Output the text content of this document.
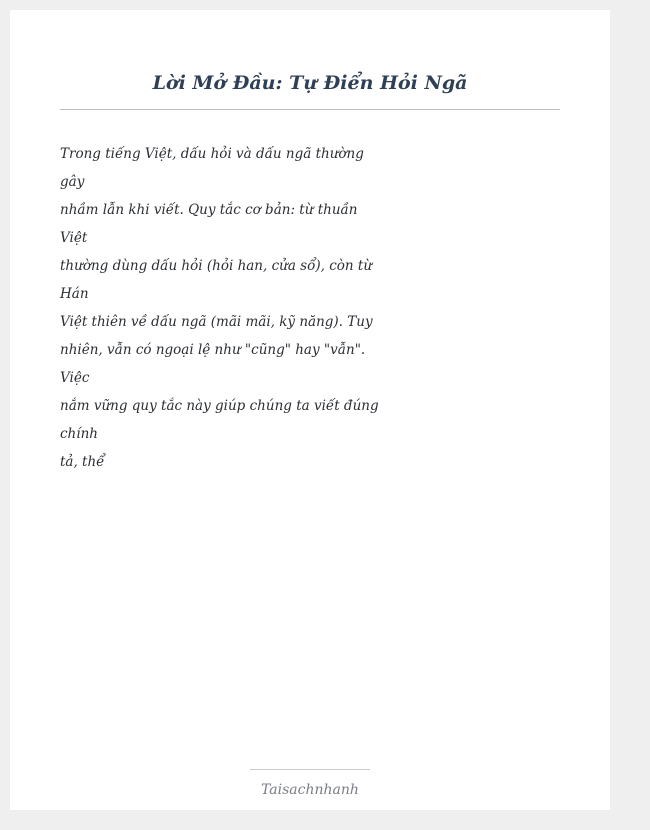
Lời Mở Đầu: Tự Điển Hỏi Ngã
Trong tiếng Việt, dấu hỏi và dấu ngã thường
gây
nhầm lẫn khi viết. Quy tắc cơ bản: từ thuần
Việt
thường dùng dấu hỏi (hỏi han, cửa sổ), còn từ
Hán
Việt thiên về dấu ngã (mãi mãi, kỹ năng). Tuy
nhiên, vẫn có ngoại lệ như "cũng" hay "vẫn".
Việc
nắm vững quy tắc này giúp chúng ta viết đúng
chính
tả, thể
Taisachnhanh
